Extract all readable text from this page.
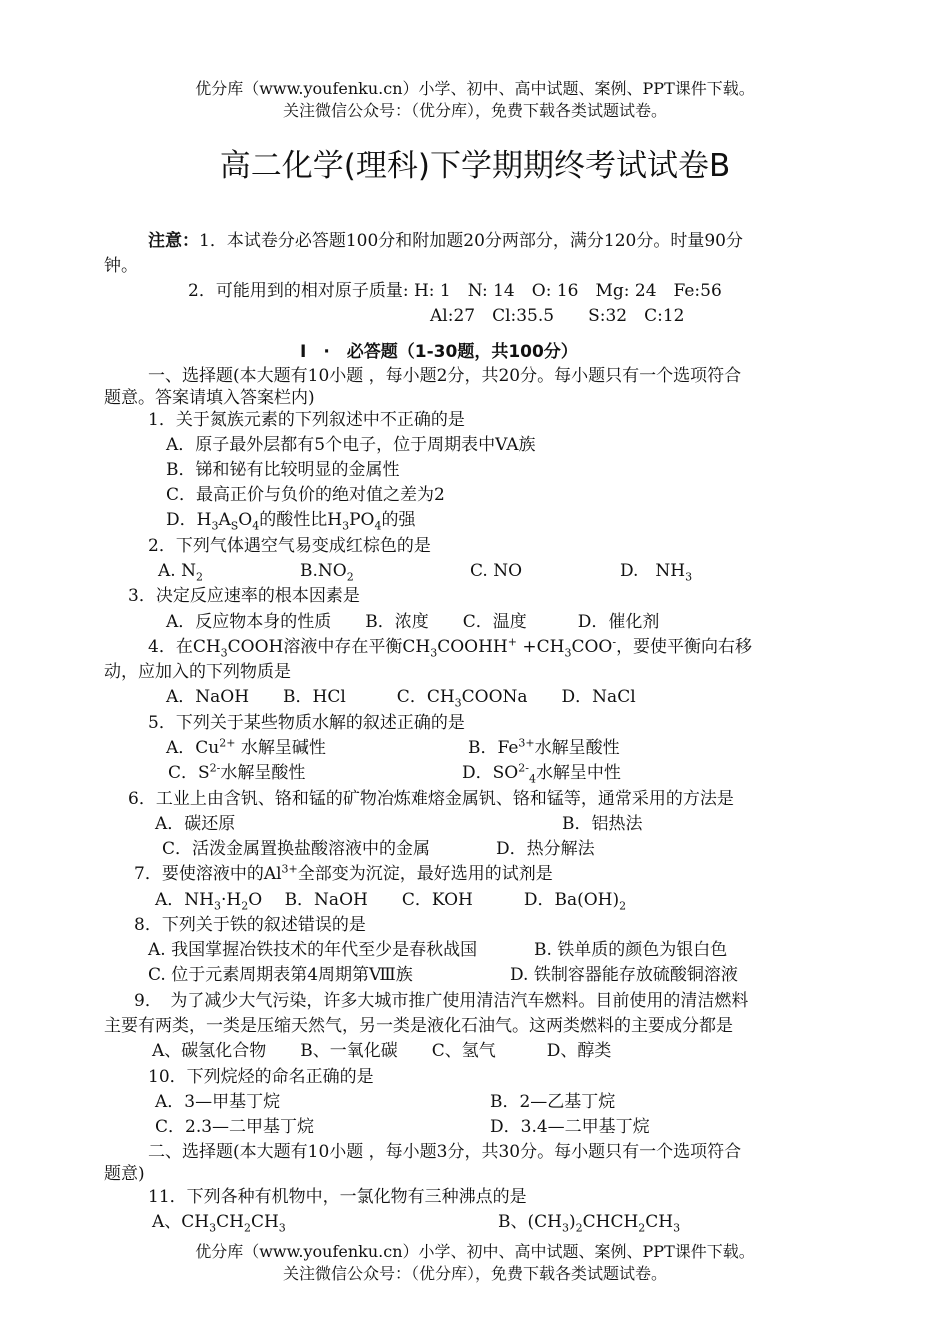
优分库（www.youfenku.cn）小学、初中、高中试题、案例、PPT课件下载。
关注微信公众号：（优分库），免费下载各类试题试卷。
高二化学(理科)下学期期终考试试卷B
注意：1．本试卷分必答题100分和附加题20分两部分，满分120分。时量90分
钟。
2．可能用到的相对原子质量: H: 1　N: 14　O: 16　Mg: 24　Fe:56
Al:27　Cl:35.5　　S:32　C:12
Ⅰ　·　必答题（1-30题，共100分）
一、选择题(本大题有10小题 ，每小题2分，共20分。每小题只有一个选项符合
题意。答案请填入答案栏内)
1．关于氮族元素的下列叙述中不正确的是
A．原子最外层都有5个电子，位于周期表中VA族
B．锑和铋有比较明显的金属性
C．最高正价与负价的绝对值之差为2
D．$H_3A_SO_4$的酸性比$H_3PO_4$的强
2．下列气体遇空气易变成红棕色的是
A. $N_2$	$B.NO_2$	C. NO	D.　$NH_3$
3．决定反应速率的根本因素是
A．反应物本身的性质　　B．浓度　　C．温度　　　D．催化剂
4．在$CH_3COOH$溶液中存在平衡$CH_3COOHH^+ +CH_3COO^-$，要使平衡向右移
动，应加入的下列物质是
A．NaOH　　B．HCl　　　C．$CH_3COONa$　　D．NaCl
5．下列关于某些物质水解的叙述正确的是
A．$Cu^{2+}$ 水解呈碱性	B．$Fe^{3+}$水解呈酸性
C．$S^{2-}$水解呈酸性	D．$SO^{2-}_4$水解呈中性
6．工业上由含钒、铬和锰的矿物冶炼难熔金属钒、铬和锰等，通常采用的方法是
A．碳还原	B．铝热法
C．活泼金属置换盐酸溶液中的金属	D．热分解法
7．要使溶液中的$Al^{3+}$全部变为沉淀，最好选用的试剂是
A．$NH_3\cdot H_2O$　 B．NaOH　　C．KOH　　　D．$Ba(OH)_2$
8．下列关于铁的叙述错误的是
A. 我国掌握冶铁技术的年代至少是春秋战国	B. 铁单质的颜色为银白色
C. 位于元素周期表第4周期第Ⅷ族	D. 铁制容器能存放硫酸铜溶液
9．　为了减少大气污染，许多大城市推广使用清洁汽车燃料。目前使用的清洁燃料
主要有两类，一类是压缩天然气，另一类是液化石油气。这两类燃料的主要成分都是
A、碳氢化合物　　B、一氧化碳　　C、氢气　　　D、醇类
10．下列烷烃的命名正确的是
A．3—甲基丁烷	B．2—乙基丁烷
C．2.3—二甲基丁烷	D．3.4—二甲基丁烷
二、选择题(本大题有10小题 ，每小题3分，共30分。每小题只有一个选项符合
题意)
11．下列各种有机物中，一氯化物有三种沸点的是
A、$CH_3CH_2CH_3$	B、$(CH_3)_2CHCH_2CH_3$
优分库（www.youfenku.cn）小学、初中、高中试题、案例、PPT课件下载。
关注微信公众号：（优分库），免费下载各类试题试卷。
